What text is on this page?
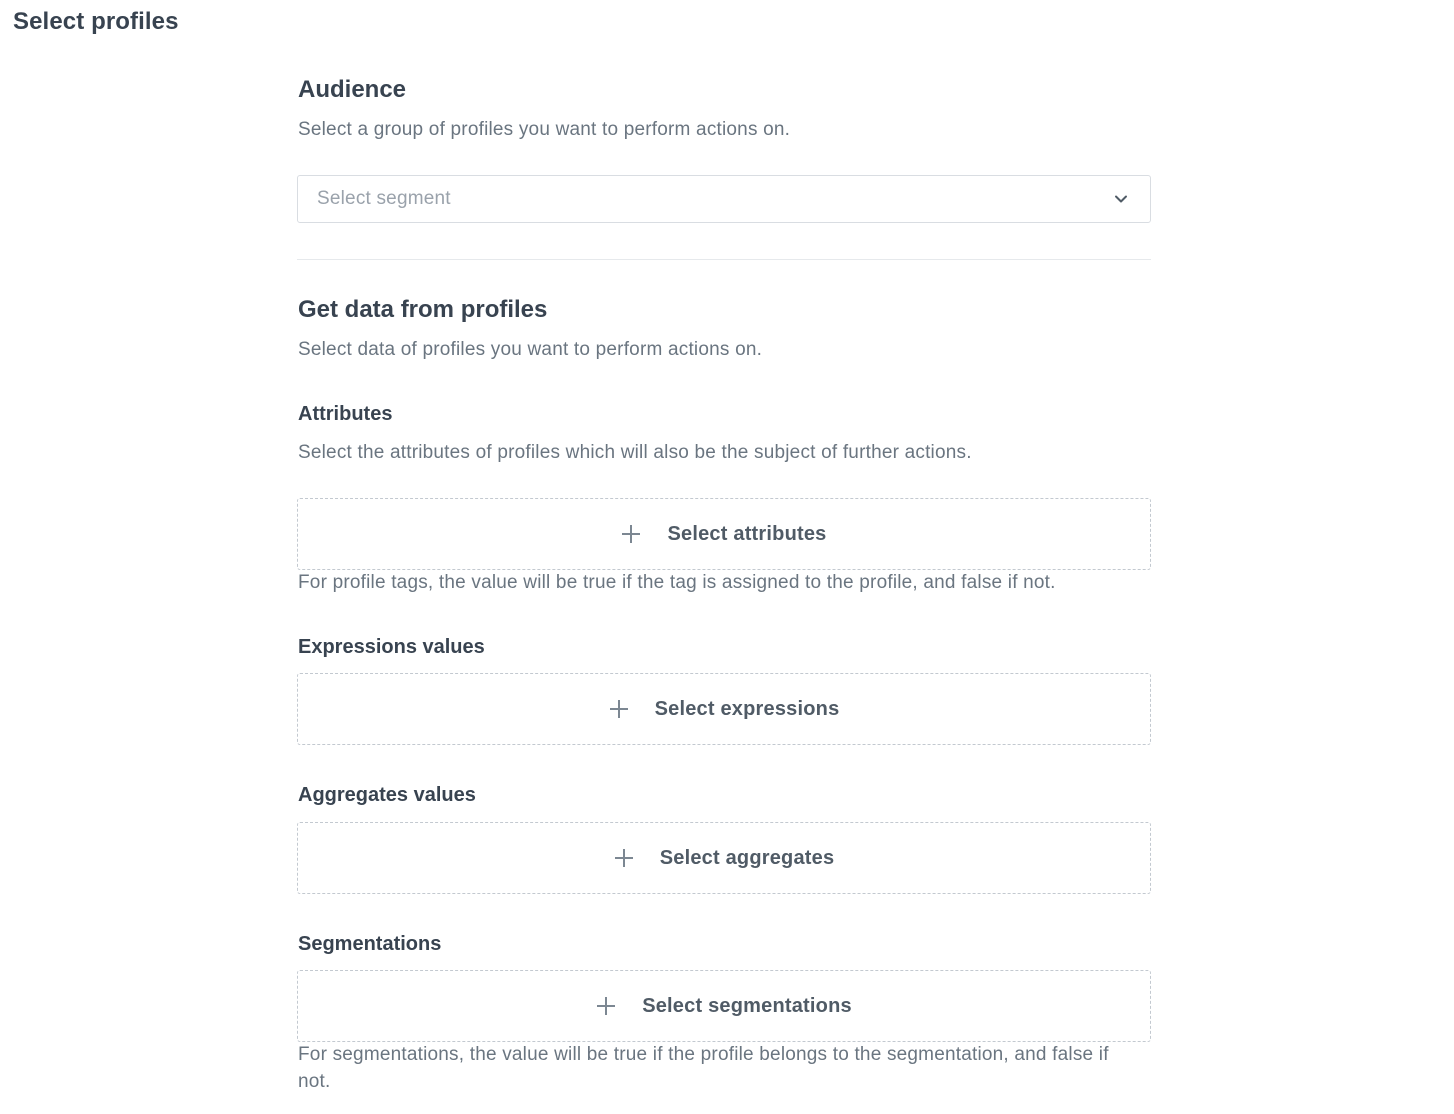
Select profiles
Audience

Select a group of profiles you want to perform actions on.

Select segment
Get data from profiles

Select data of profiles you want to perform actions on.

Attributes

Select the attributes of profiles which will also be the subject of further actions.

Select attributes

For profile tags, the value will be true if the tag is assigned to the profile, and false if not.

Expressions values
Select expressions
Aggregates values
Select aggregates
Segmentations
Select segmentations

For segmentations, the value will be true if the profile belongs to the segmentation, and false if not.
